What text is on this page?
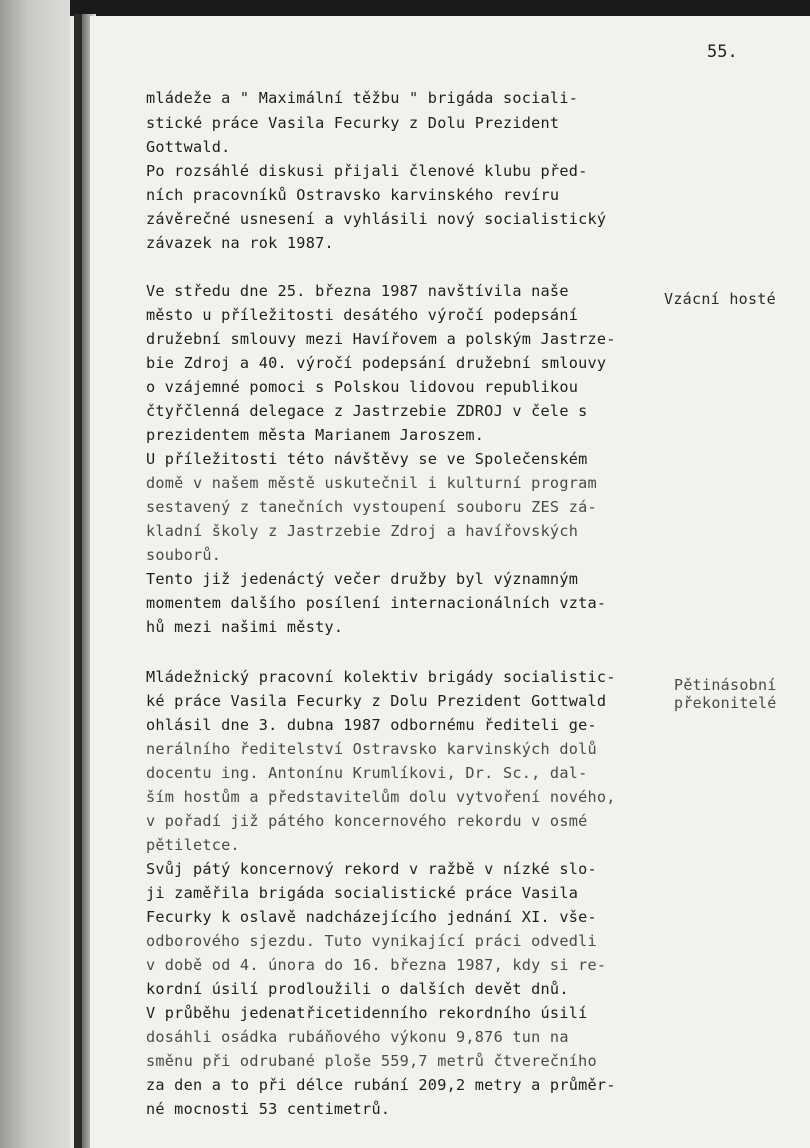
55.
mládeže a " Maximální těžbu " brigáda sociali-
stické práce Vasila Fecurky z Dolu Prezident
Gottwald.
Po rozsáhlé diskusi přijali členové klubu před-
ních pracovníků Ostravsko karvinského revíru
závěrečné usnesení a vyhlásili nový socialistický
závazek na rok 1987.
Ve středu dne 25. března 1987 navštívila naše
město u příležitosti desátého výročí podepsání
družební smlouvy mezi Havířovem a polským Jastrze-
bie Zdroj a 40. výročí podepsání družební smlouvy
o vzájemné pomoci s Polskou lidovou republikou
čtyřčlenná delegace z Jastrzebie ZDROJ v čele s
prezidentem města Marianem Jaroszem.
U příležitosti této návštěvy se ve Společenském
domě v našem městě uskutečnil i kulturní program
sestavený z tanečních vystoupení souboru ZES zá-
kladní školy z Jastrzebie Zdroj a havířovských
souborů.
Tento již jedenáctý večer družby byl významným
momentem dalšího posílení internacionálních vzta-
hů mezi našimi městy.
Mládežnický pracovní kolektiv brigády socialistic-
ké práce Vasila Fecurky z Dolu Prezident Gottwald
ohlásil dne 3. dubna 1987 odbornému řediteli ge-
nerálního ředitelství Ostravsko karvinských dolů
docentu ing. Antonínu Krumlíkovi, Dr. Sc., dal-
ším hostům a představitelům dolu vytvoření nového,
v pořadí již pátého koncernového rekordu v osmé
pětiletce.
Svůj pátý koncernový rekord v ražbě v nízké slo-
ji zaměřila brigáda socialistické práce Vasila
Fecurky k oslavě nadcházejícího jednání XI. vše-
odborového sjezdu. Tuto vynikající práci odvedli
v době od 4. února do 16. března 1987, kdy si re-
kordní úsilí prodloužili o dalších devět dnů.
V průběhu jedenatřicetidenního rekordního úsilí
dosáhli osádka rubáňového výkonu 9,876 tun na
směnu při odrubané ploše 559,7 metrů čtverečního
za den a to při délce rubání 209,2 metry a průměr-
né mocnosti 53 centimetrů.
Vzácní hosté
Pětinásobní
překonitelé
